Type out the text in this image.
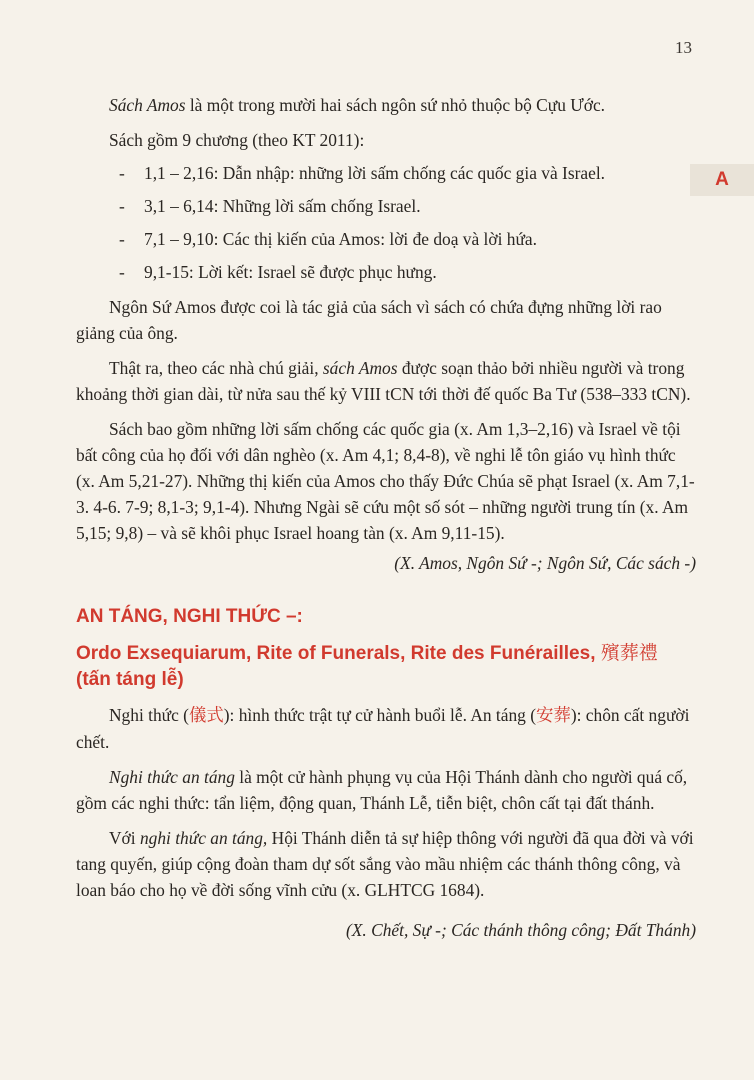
13
A

Sách Amos là một trong mười hai sách ngôn sứ nhỏ thuộc bộ Cựu Ước.

Sách gồm 9 chương (theo KT 2011):

- 1,1 – 2,16: Dẫn nhập: những lời sấm chống các quốc gia và Israel.
- 3,1 – 6,14: Những lời sấm chống Israel.
- 7,1 – 9,10: Các thị kiến của Amos: lời đe doạ và lời hứa.
- 9,1-15: Lời kết: Israel sẽ được phục hưng.

Ngôn Sứ Amos được coi là tác giả của sách vì sách có chứa đựng những lời rao giảng của ông.

Thật ra, theo các nhà chú giải, sách Amos được soạn thảo bởi nhiều người và trong khoảng thời gian dài, từ nửa sau thế kỷ VIII tCN tới thời đế quốc Ba Tư (538–333 tCN).

Sách bao gồm những lời sấm chống các quốc gia (x. Am 1,3–2,16) và Israel về tội bất công của họ đối với dân nghèo (x. Am 4,1; 8,4-8), về nghi lễ tôn giáo vụ hình thức (x. Am 5,21-27). Những thị kiến của Amos cho thấy Đức Chúa sẽ phạt Israel (x. Am 7,1-3. 4-6. 7-9; 8,1-3; 9,1-4). Nhưng Ngài sẽ cứu một số sót – những người trung tín (x. Am 5,15; 9,8) – và sẽ khôi phục Israel hoang tàn (x. Am 9,11-15).

(X. Amos, Ngôn Sứ -; Ngôn Sứ, Các sách -)

AN TÁNG, NGHI THỨC –:
Ordo Exsequiarum, Rite of Funerals, Rite des Funérailles, 殯葬禮
(tấn táng lễ)

Nghi thức (儀式): hình thức trật tự cử hành buổi lễ. An táng (安葬): chôn cất người chết.

Nghi thức an táng là một cử hành phụng vụ của Hội Thánh dành cho người quá cố, gồm các nghi thức: tẩn liệm, động quan, Thánh Lễ, tiễn biệt, chôn cất tại đất thánh.

Với nghi thức an táng, Hội Thánh diễn tả sự hiệp thông với người đã qua đời và với tang quyến, giúp cộng đoàn tham dự sốt sắng vào mầu nhiệm các thánh thông công, và loan báo cho họ về đời sống vĩnh cửu (x. GLHTCG 1684).

(X. Chết, Sự -; Các thánh thông công; Đất Thánh)
